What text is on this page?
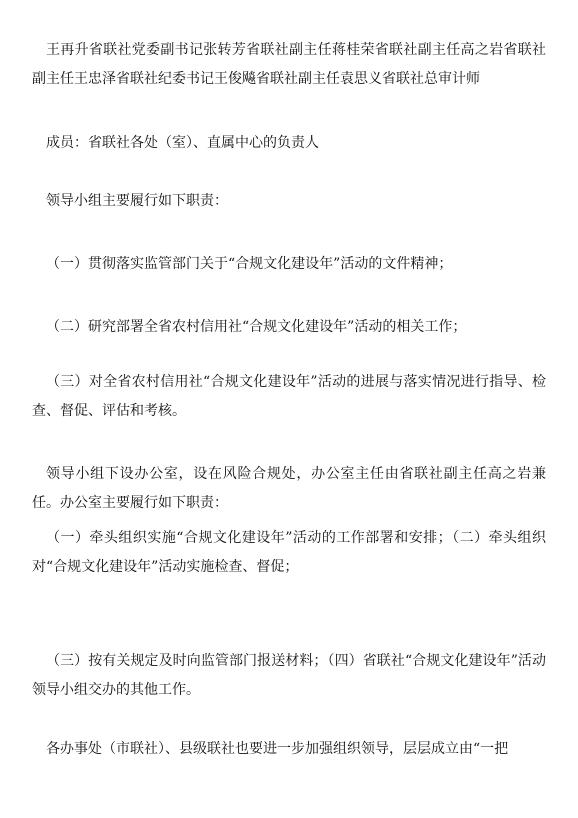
王再升省联社党委副书记张转芳省联社副主任蒋桂荣省联社副主任高之岩省联社副主任王忠泽省联社纪委书记王俊飚省联社副主任袁思义省联社总审计师

成员：省联社各处（室）、直属中心的负责人

领导小组主要履行如下职责：

（一）贯彻落实监管部门关于“合规文化建设年”活动的文件精神；

（二）研究部署全省农村信用社“合规文化建设年”活动的相关工作；

（三）对全省农村信用社“合规文化建设年”活动的进展与落实情况进行指导、检查、督促、评估和考核。

领导小组下设办公室，设在风险合规处，办公室主任由省联社副主任高之岩兼任。办公室主要履行如下职责：

（一）牵头组织实施“合规文化建设年”活动的工作部署和安排；（二）牵头组织对“合规文化建设年”活动实施检查、督促；

（三）按有关规定及时向监管部门报送材料；（四）省联社“合规文化建设年”活动领导小组交办的其他工作。

各办事处（市联社）、县级联社也要进一步加强组织领导，层层成立由“一把
